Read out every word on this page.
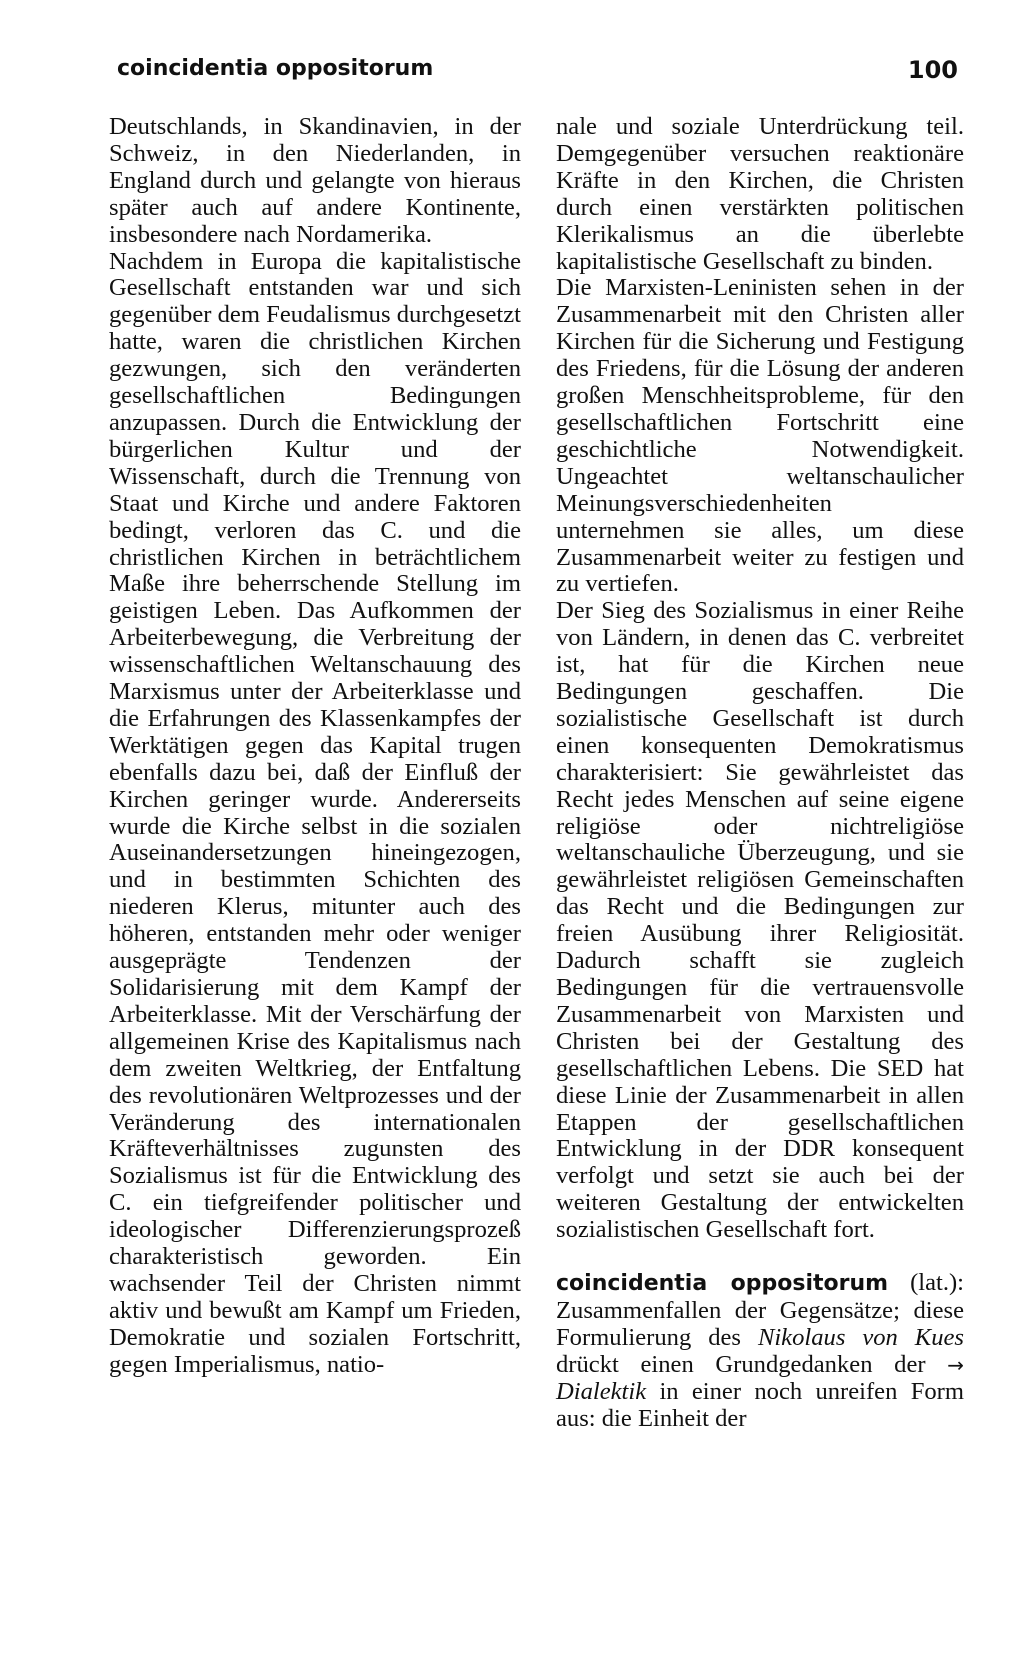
coincidentia oppositorum	100

Deutschlands, in Skandinavien, in der Schweiz, in den Niederlanden, in England durch und gelangte von hieraus später auch auf andere Kontinente, insbesondere nach Nordamerika.

Nachdem in Europa die kapitalistische Gesellschaft entstanden war und sich gegenüber dem Feudalismus durchgesetzt hatte, waren die christlichen Kirchen gezwungen, sich den veränderten gesellschaftlichen Bedingungen anzupassen. Durch die Entwicklung der bürgerlichen Kultur und der Wissenschaft, durch die Trennung von Staat und Kirche und andere Faktoren bedingt, verloren das C. und die christlichen Kirchen in beträchtlichem Maße ihre beherrschende Stellung im geistigen Leben. Das Aufkommen der Arbeiterbewegung, die Verbreitung der wissenschaftlichen Weltanschauung des Marxismus unter der Arbeiterklasse und die Erfahrungen des Klassenkampfes der Werktätigen gegen das Kapital trugen ebenfalls dazu bei, daß der Einfluß der Kirchen geringer wurde. Andererseits wurde die Kirche selbst in die sozialen Auseinandersetzungen hineingezogen, und in bestimmten Schichten des niederen Klerus, mitunter auch des höheren, entstanden mehr oder weniger ausgeprägte Tendenzen der Solidarisierung mit dem Kampf der Arbeiterklasse. Mit der Verschärfung der allgemeinen Krise des Kapitalismus nach dem zweiten Weltkrieg, der Entfaltung des revolutionären Weltprozesses und der Veränderung des internationalen Kräfteverhältnisses zugunsten des Sozialismus ist für die Entwicklung des C. ein tiefgreifender politischer und ideologischer Differenzierungsprozeß charakteristisch geworden. Ein wachsender Teil der Christen nimmt aktiv und bewußt am Kampf um Frieden, Demokratie und sozialen Fortschritt, gegen Imperialismus, natio-

nale und soziale Unterdrückung teil. Demgegenüber versuchen reaktionäre Kräfte in den Kirchen, die Christen durch einen verstärkten politischen Klerikalismus an die überlebte kapitalistische Gesellschaft zu binden.

Die Marxisten-Leninisten sehen in der Zusammenarbeit mit den Christen aller Kirchen für die Sicherung und Festigung des Friedens, für die Lösung der anderen großen Menschheitsprobleme, für den gesellschaftlichen Fortschritt eine geschichtliche Notwendigkeit. Ungeachtet weltanschaulicher Meinungsverschiedenheiten unternehmen sie alles, um diese Zusammenarbeit weiter zu festigen und zu vertiefen.

Der Sieg des Sozialismus in einer Reihe von Ländern, in denen das C. verbreitet ist, hat für die Kirchen neue Bedingungen geschaffen. Die sozialistische Gesellschaft ist durch einen konsequenten Demokratismus charakterisiert: Sie gewährleistet das Recht jedes Menschen auf seine eigene religiöse oder nichtreligiöse weltanschauliche Überzeugung, und sie gewährleistet religiösen Gemeinschaften das Recht und die Bedingungen zur freien Ausübung ihrer Religiosität. Dadurch schafft sie zugleich Bedingungen für die vertrauensvolle Zusammenarbeit von Marxisten und Christen bei der Gestaltung des gesellschaftlichen Lebens. Die SED hat diese Linie der Zusammenarbeit in allen Etappen der gesellschaftlichen Entwicklung in der DDR konsequent verfolgt und setzt sie auch bei der weiteren Gestaltung der entwickelten sozialistischen Gesellschaft fort.

coincidentia oppositorum (lat.): Zusammenfallen der Gegensätze; diese Formulierung des Nikolaus von Kues drückt einen Grundgedanken der → Dialektik in einer noch unreifen Form aus: die Einheit der
